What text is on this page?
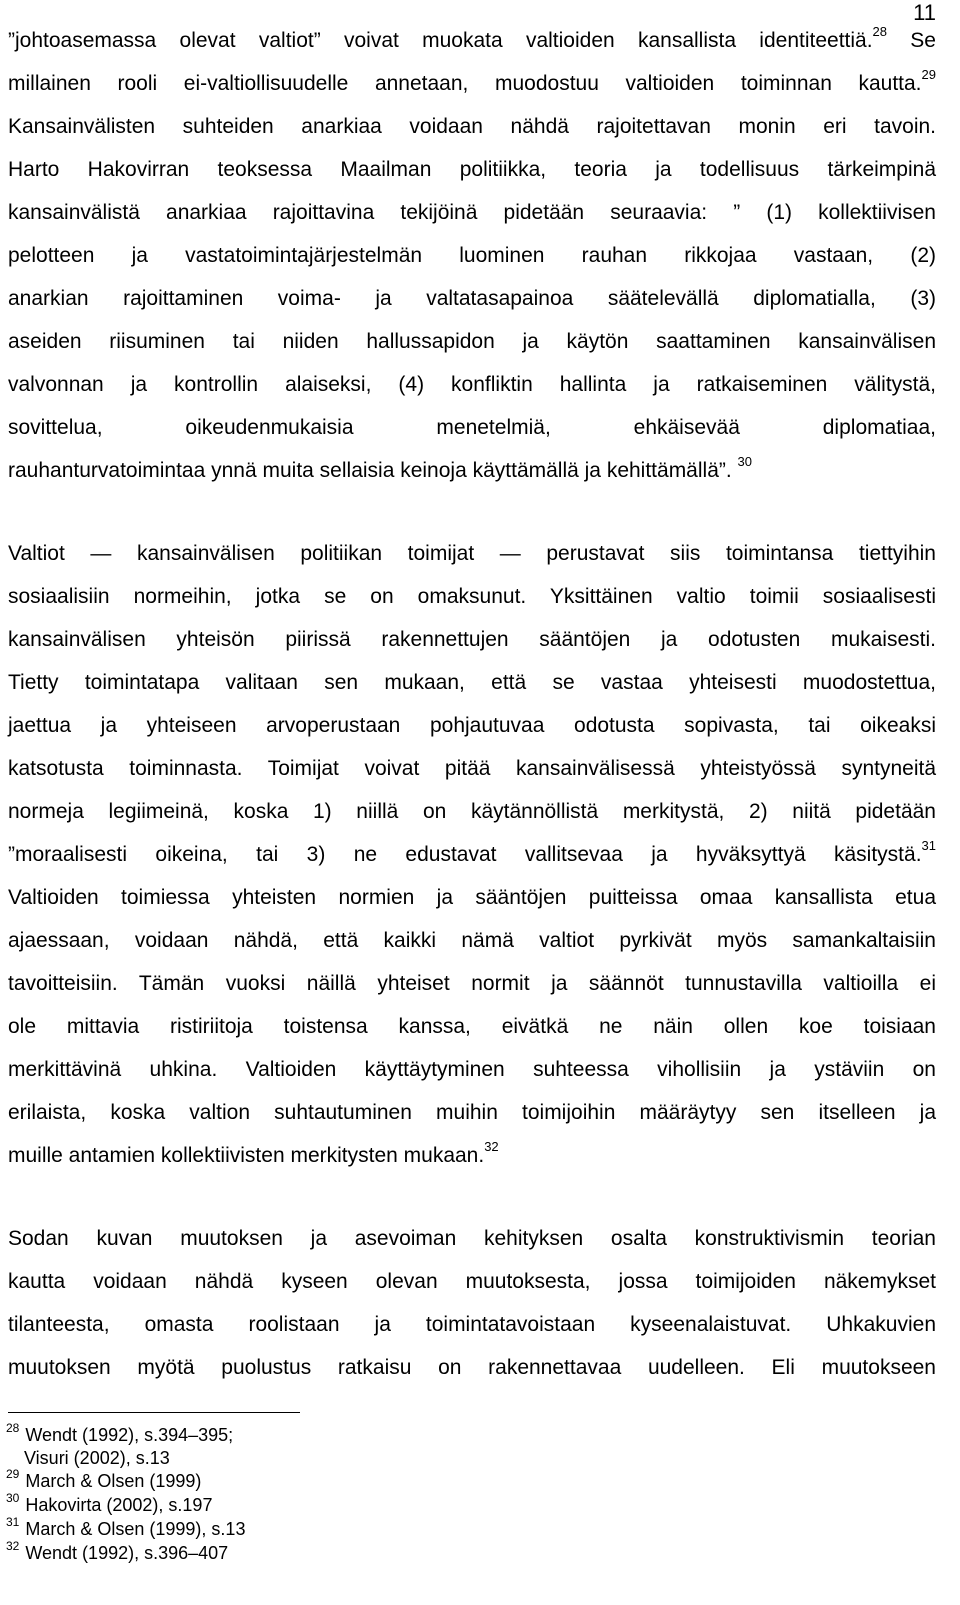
11
”johtoasemassa olevat valtiot” voivat muokata valtioiden kansallista identiteettiä.$^{28}$ Se
millainen rooli ei-valtiollisuudelle annetaan, muodostuu valtioiden toiminnan kautta.$^{29}$
Kansainvälisten suhteiden anarkiaa voidaan nähdä rajoitettavan monin eri tavoin.
Harto Hakovirran teoksessa Maailman politiikka, teoria ja todellisuus tärkeimpinä
kansainvälistä anarkiaa rajoittavina tekijöinä pidetään seuraavia: ” (1) kollektiivisen
pelotteen ja vastatoimintajärjestelmän luominen rauhan rikkojaa vastaan, (2)
anarkian rajoittaminen voima- ja valtatasapainoa säätelevällä diplomatialla, (3)
aseiden riisuminen tai niiden hallussapidon ja käytön saattaminen kansainvälisen
valvonnan ja kontrollin alaiseksi, (4) konfliktin hallinta ja ratkaiseminen välitystä,
sovittelua, oikeudenmukaisia menetelmiä, ehkäisevää diplomatiaa,
rauhanturvatoimintaa ynnä muita sellaisia keinoja käyttämällä ja kehittämällä”. $^{30}$
Valtiot — kansainvälisen politiikan toimijat — perustavat siis toimintansa tiettyihin
sosiaalisiin normeihin, jotka se on omaksunut. Yksittäinen valtio toimii sosiaalisesti
kansainvälisen yhteisön piirissä rakennettujen sääntöjen ja odotusten mukaisesti.
Tietty toimintatapa valitaan sen mukaan, että se vastaa yhteisesti muodostettua,
jaettua ja yhteiseen arvoperustaan pohjautuvaa odotusta sopivasta, tai oikeaksi
katsotusta toiminnasta. Toimijat voivat pitää kansainvälisessä yhteistyössä syntyneitä
normeja legiimeinä, koska 1) niillä on käytännöllistä merkitystä, 2) niitä pidetään
”moraalisesti oikeina, tai 3) ne edustavat vallitsevaa ja hyväksyttyä käsitystä.$^{31}$
Valtioiden toimiessa yhteisten normien ja sääntöjen puitteissa omaa kansallista etua
ajaessaan, voidaan nähdä, että kaikki nämä valtiot pyrkivät myös samankaltaisiin
tavoitteisiin. Tämän vuoksi näillä yhteiset normit ja säännöt tunnustavilla valtioilla ei
ole mittavia ristiriitoja toistensa kanssa, eivätkä ne näin ollen koe toisiaan
merkittävinä uhkina. Valtioiden käyttäytyminen suhteessa vihollisiin ja ystäviin on
erilaista, koska valtion suhtautuminen muihin toimijoihin määräytyy sen itselleen ja
muille antamien kollektiivisten merkitysten mukaan.$^{32}$
Sodan kuvan muutoksen ja asevoiman kehityksen osalta konstruktivismin teorian
kautta voidaan nähdä kyseen olevan muutoksesta, jossa toimijoiden näkemykset
tilanteesta, omasta roolistaan ja toimintatavoistaan kyseenalaistuvat. Uhkakuvien
muutoksen myötä puolustus ratkaisu on rakennettavaa uudelleen. Eli muutokseen
$^{28}$ Wendt (1992), s.394–395;
Visuri (2002), s.13
$^{29}$ March & Olsen (1999)
$^{30}$ Hakovirta (2002), s.197
$^{31}$ March & Olsen (1999), s.13
$^{32}$ Wendt (1992), s.396–407
